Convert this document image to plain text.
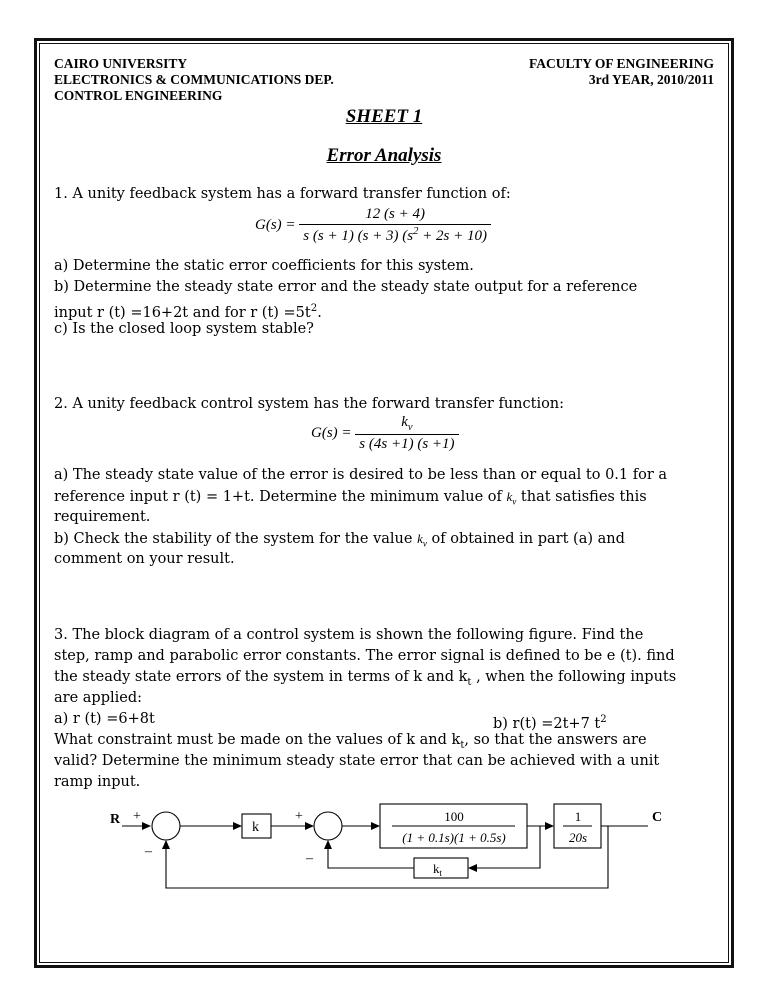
CAIRO UNIVERSITY
ELECTRONICS & COMMUNICATIONS DEP.
CONTROL ENGINEERING
FACULTY OF ENGINEERING
3rd YEAR, 2010/2011
SHEET 1
Error Analysis
1. A unity feedback system has a forward transfer function of:
$G(s) = \frac{12 (s + 4)}{s (s + 1) (s + 3) (s^2 + 2s + 10)}$
a) Determine the static error coefficients for this system.
b) Determine the steady state error and the steady state output for a reference
input r (t) =16+2t and for r $(t) =5t^2$.
c) Is the closed loop system stable?
2. A unity feedback control system has the forward transfer function:
$G(s) = \frac{k_v}{s (4s +1) (s +1)}$
a) The steady state value of the error is desired to be less than or equal to 0.1 for a
reference input r (t) = 1+t. Determine the minimum value of $k_v$ that satisfies this
requirement.
b) Check the stability of the system for the value $k_v$ of obtained in part (a) and
comment on your result.
3. The block diagram of a control system is shown the following figure. Find the
step, ramp and parabolic error constants. The error signal is defined to be e (t). find
the steady state errors of the system in terms of k and $k_t$ , when the following inputs
are applied:
a) r (t) =6+8t	b) r(t) =2t+7 $t^2$
What constraint must be made on the values of k and $k_t$, so that the answers are
valid? Determine the minimum steady state error that can be achieved with a unit
ramp input.
R +
–
k
+
–
100
(1 + 0.1s)(1 + 0.5s)
1
20s
$k_t$
C
